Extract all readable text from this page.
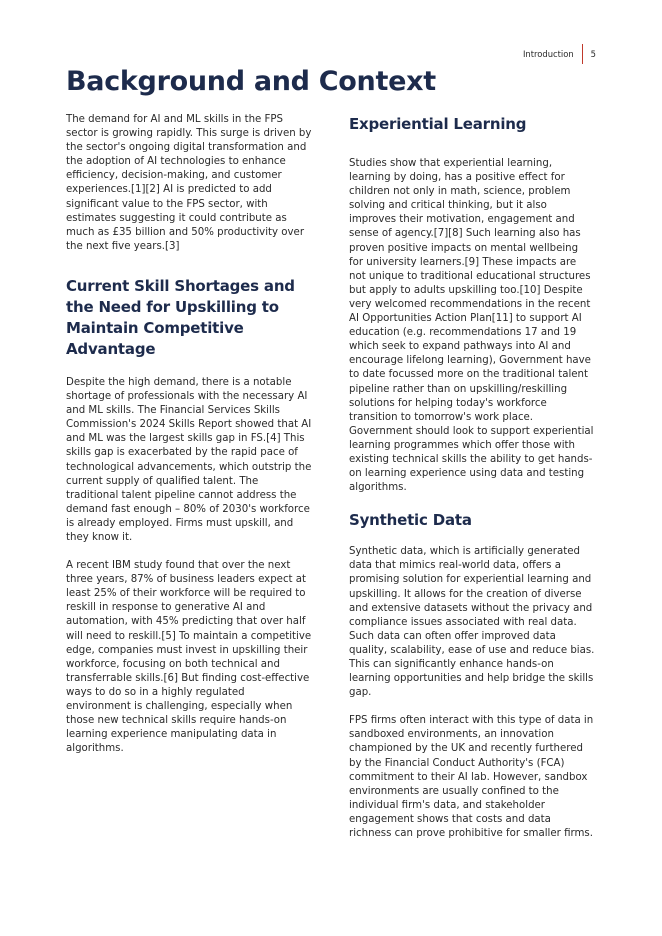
Introduction	5
Background and Context

The demand for AI and ML skills in the FPS sector is growing rapidly. This surge is driven by the sector's ongoing digital transformation and the adoption of AI technologies to enhance efficiency, decision-making, and customer experiences.[1][2] AI is predicted to add significant value to the FPS sector, with estimates suggesting it could contribute as much as £35 billion and 50% productivity over the next five years.[3]

Current Skill Shortages and the Need for Upskilling to Maintain Competitive Advantage

Despite the high demand, there is a notable shortage of professionals with the necessary AI and ML skills. The Financial Services Skills Commission's 2024 Skills Report showed that AI and ML was the largest skills gap in FS.[4] This skills gap is exacerbated by the rapid pace of technological advancements, which outstrip the current supply of qualified talent. The traditional talent pipeline cannot address the demand fast enough – 80% of 2030's workforce is already employed. Firms must upskill, and they know it.

A recent IBM study found that over the next three years, 87% of business leaders expect at least 25% of their workforce will be required to reskill in response to generative AI and automation, with 45% predicting that over half will need to reskill.[5] To maintain a competitive edge, companies must invest in upskilling their workforce, focusing on both technical and transferrable skills.[6] But finding cost-effective ways to do so in a highly regulated environment is challenging, especially when those new technical skills require hands-on learning experience manipulating data in algorithms.

Experiential Learning

Studies show that experiential learning, learning by doing, has a positive effect for children not only in math, science, problem solving and critical thinking, but it also improves their motivation, engagement and sense of agency.[7][8] Such learning also has proven positive impacts on mental wellbeing for university learners.[9] These impacts are not unique to traditional educational structures but apply to adults upskilling too.[10] Despite very welcomed recommendations in the recent AI Opportunities Action Plan[11] to support AI education (e.g. recommendations 17 and 19 which seek to expand pathways into AI and encourage lifelong learning), Government have to date focussed more on the traditional talent pipeline rather than on upskilling/reskilling solutions for helping today's workforce transition to tomorrow's work place. Government should look to support experiential learning programmes which offer those with existing technical skills the ability to get hands-on learning experience using data and testing algorithms.

Synthetic Data

Synthetic data, which is artificially generated data that mimics real-world data, offers a promising solution for experiential learning and upskilling. It allows for the creation of diverse and extensive datasets without the privacy and compliance issues associated with real data. Such data can often offer improved data quality, scalability, ease of use and reduce bias. This can significantly enhance hands-on learning opportunities and help bridge the skills gap.

FPS firms often interact with this type of data in sandboxed environments, an innovation championed by the UK and recently furthered by the Financial Conduct Authority's (FCA) commitment to their AI lab. However, sandbox environments are usually confined to the individual firm's data, and stakeholder engagement shows that costs and data richness can prove prohibitive for smaller firms.
